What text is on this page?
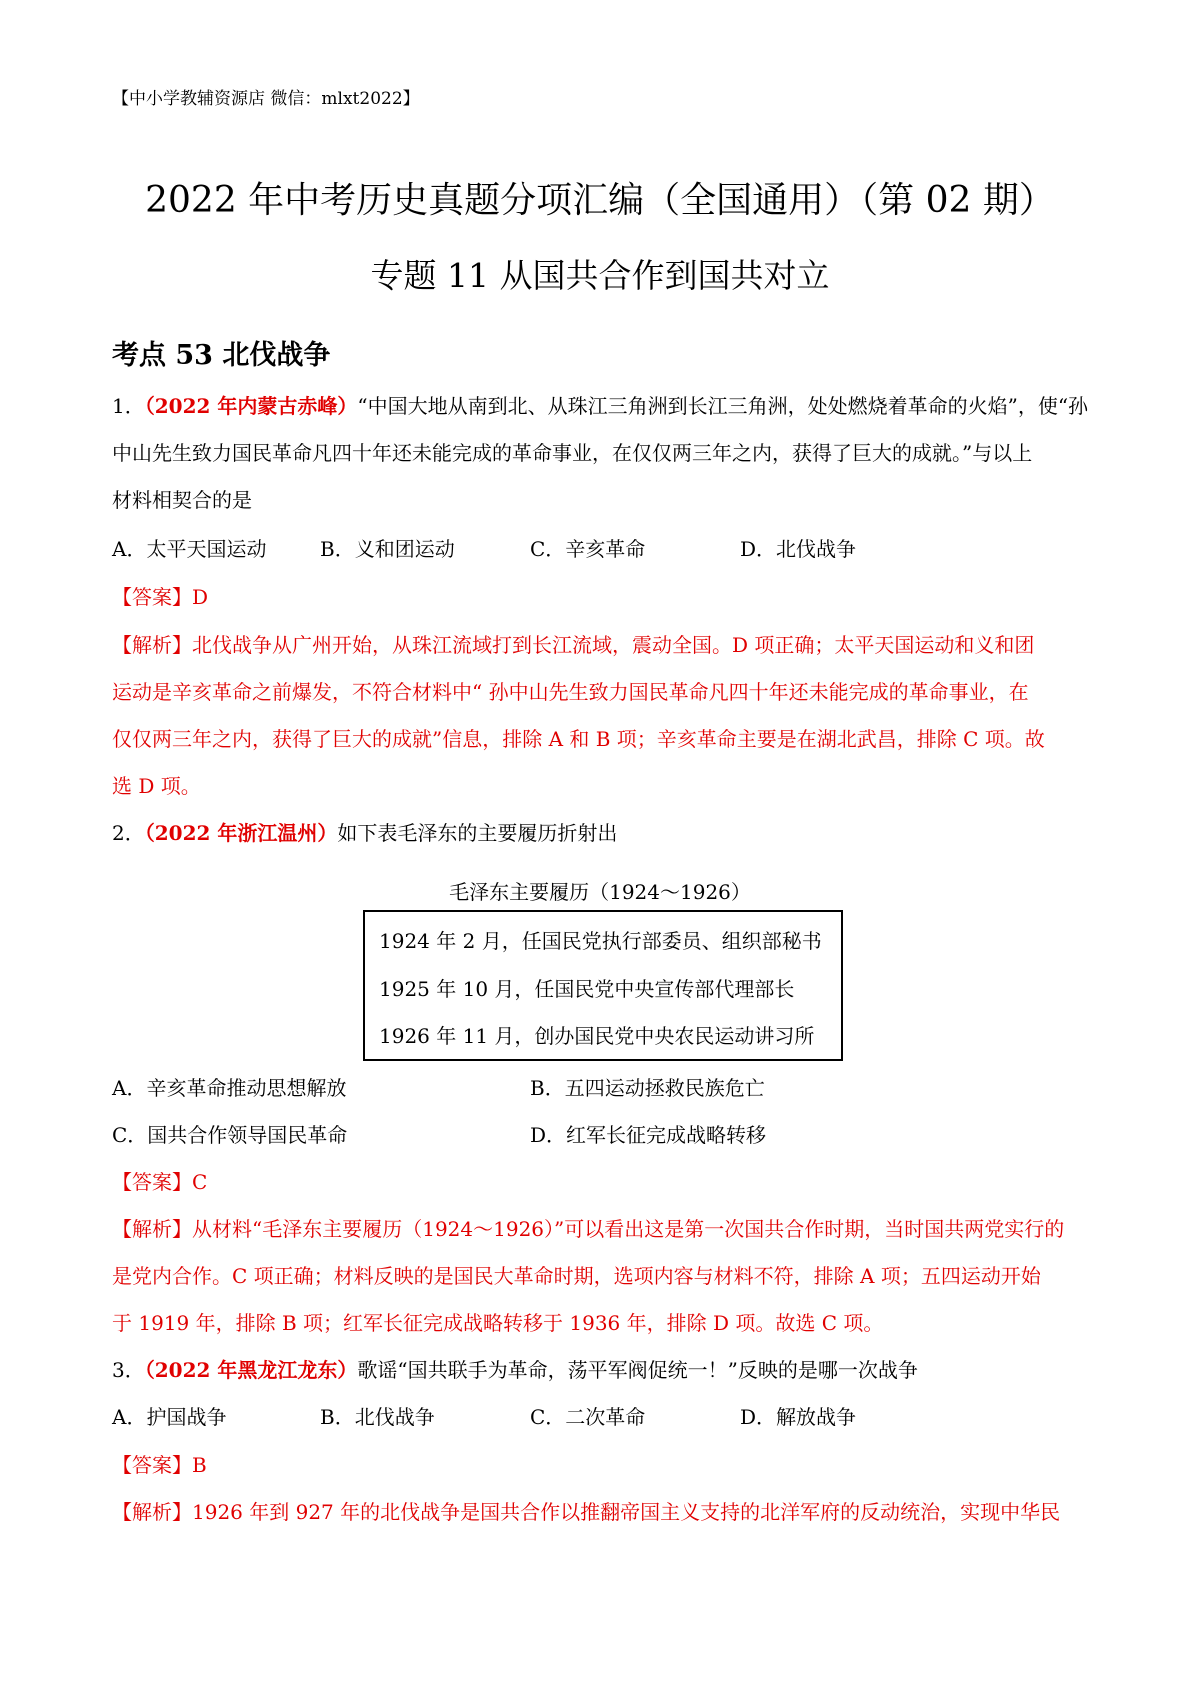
【中小学教辅资源店 微信：mlxt2022】
2022 年中考历史真题分项汇编（全国通用）（第 02 期）
专题 11 从国共合作到国共对立
考点 53 北伐战争
1．（2022 年内蒙古赤峰）“中国大地从南到北、从珠江三角洲到长江三角洲，处处燃烧着革命的火焰”，使“孙
中山先生致力国民革命凡四十年还未能完成的革命事业，在仅仅两三年之内，获得了巨大的成就。”与以上
材料相契合的是
A．太平天国运动	B．义和团运动	C．辛亥革命	D．北伐战争
【答案】D
【解析】北伐战争从广州开始，从珠江流域打到长江流域，震动全国。D 项正确；太平天国运动和义和团
运动是辛亥革命之前爆发，不符合材料中“ 孙中山先生致力国民革命凡四十年还未能完成的革命事业，在
仅仅两三年之内，获得了巨大的成就”信息，排除 A 和 B 项；辛亥革命主要是在湖北武昌，排除 C 项。故
选 D 项。
2．（2022 年浙江温州）如下表毛泽东的主要履历折射出
毛泽东主要履历（1924～1926）
1924 年 2 月，任国民党执行部委员、组织部秘书
1925 年 10 月，任国民党中央宣传部代理部长
1926 年 11 月，创办国民党中央农民运动讲习所
A．辛亥革命推动思想解放	B．五四运动拯救民族危亡
C．国共合作领导国民革命	D．红军长征完成战略转移
【答案】C
【解析】从材料“毛泽东主要履历（1924～1926）”可以看出这是第一次国共合作时期，当时国共两党实行的
是党内合作。C 项正确；材料反映的是国民大革命时期，选项内容与材料不符，排除 A 项；五四运动开始
于 1919 年，排除 B 项；红军长征完成战略转移于 1936 年，排除 D 项。故选 C 项。
3．（2022 年黑龙江龙东）歌谣“国共联手为革命，荡平军阀促统一！”反映的是哪一次战争
A．护国战争	B．北伐战争	C．二次革命	D．解放战争
【答案】B
【解析】1926 年到 927 年的北伐战争是国共合作以推翻帝国主义支持的北洋军府的反动统治，实现中华民
